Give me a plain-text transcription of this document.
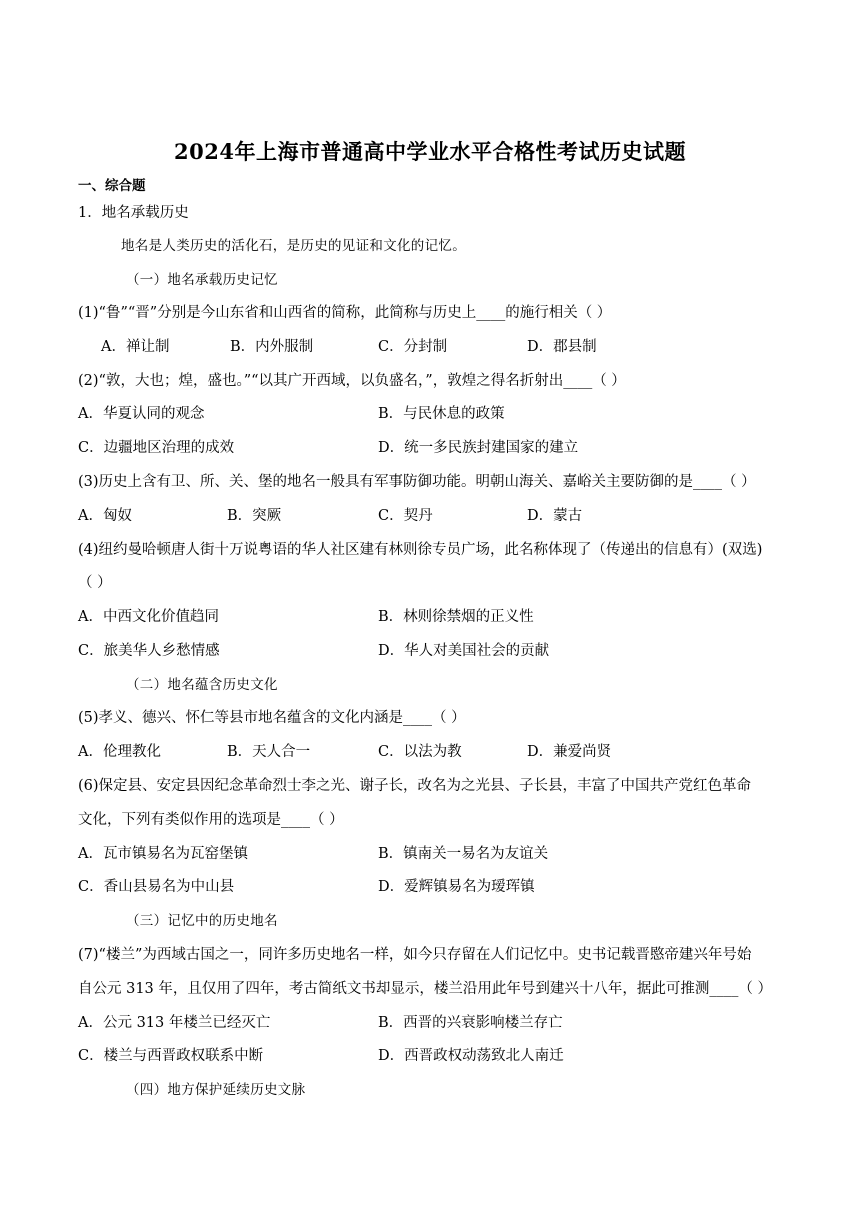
2024年上海市普通高中学业水平合格性考试历史试题
一、综合题
1．地名承载历史
地名是人类历史的活化石，是历史的见证和文化的记忆。
（一）地名承载历史记忆
(1)“鲁”“晋”分别是今山东省和山西省的简称，此简称与历史上____的施行相关（ ）
A．禅让制	B．内外服制	C．分封制	D．郡县制
(2)“敦，大也；煌，盛也。”“以其广开西域，以负盛名，”，敦煌之得名折射出____（ ）
A．华夏认同的观念	B．与民休息的政策
C．边疆地区治理的成效	D．统一多民族封建国家的建立
(3)历史上含有卫、所、关、堡的地名一般具有军事防御功能。明朝山海关、嘉峪关主要防御的是____（ ）
A．匈奴	B．突厥	C．契丹	D．蒙古
(4)纽约曼哈顿唐人街十万说粤语的华人社区建有林则徐专员广场，此名称体现了（传递出的信息有）(双选)
（ ）
A．中西文化价值趋同	B．林则徐禁烟的正义性
C．旅美华人乡愁情感	D．华人对美国社会的贡献
（二）地名蕴含历史文化
(5)孝义、德兴、怀仁等县市地名蕴含的文化内涵是____（ ）
A．伦理教化	B．天人合一	C．以法为教	D．兼爱尚贤
(6)保定县、安定县因纪念革命烈士李之光、谢子长，改名为之光县、子长县，丰富了中国共产党红色革命
文化，下列有类似作用的选项是____（ ）
A．瓦市镇易名为瓦窑堡镇	B．镇南关一易名为友谊关
C．香山县易名为中山县	D．爱辉镇易名为瑷珲镇
（三）记忆中的历史地名
(7)“楼兰”为西域古国之一，同许多历史地名一样，如今只存留在人们记忆中。史书记载晋愍帝建兴年号始
自公元 313 年，且仅用了四年，考古简纸文书却显示，楼兰沿用此年号到建兴十八年，据此可推测____（ ）
A．公元 313 年楼兰已经灭亡	B．西晋的兴衰影响楼兰存亡
C．楼兰与西晋政权联系中断	D．西晋政权动荡致北人南迁
（四）地方保护延续历史文脉
